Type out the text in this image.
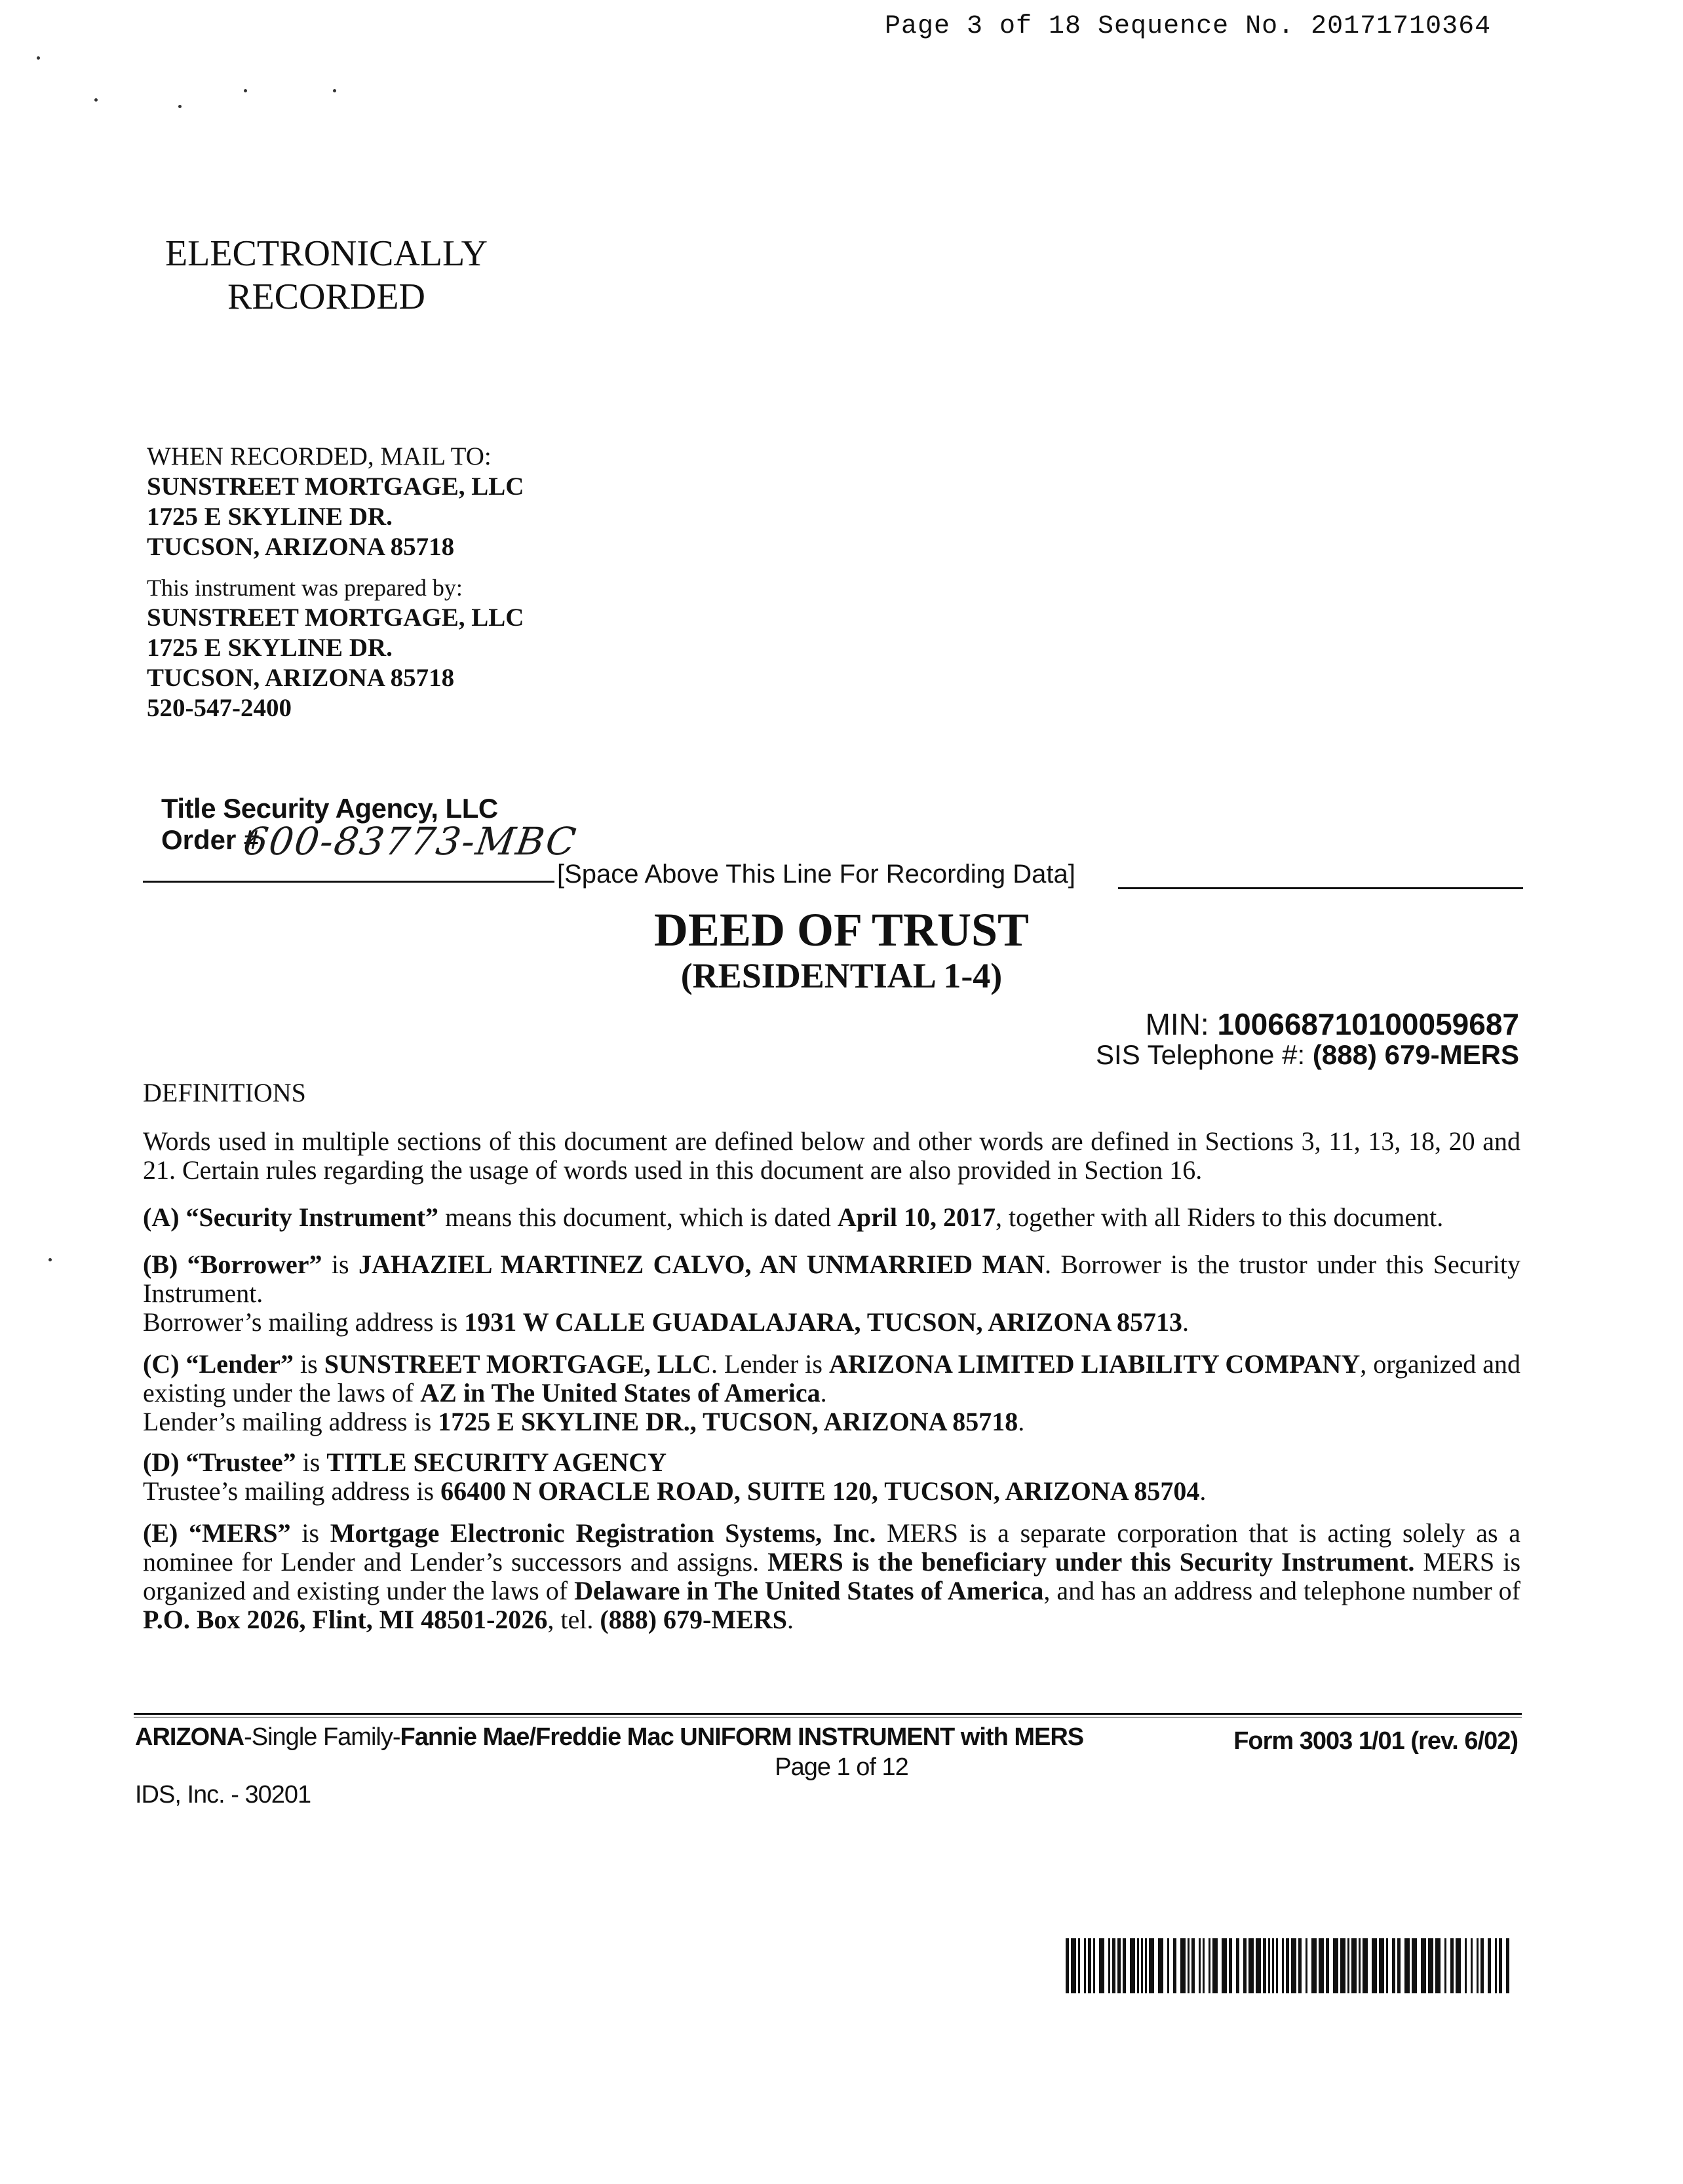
Page 3 of 18 Sequence No. 20171710364
ELECTRONICALLY
RECORDED
WHEN RECORDED, MAIL TO:
SUNSTREET MORTGAGE, LLC
1725 E SKYLINE DR.
TUCSON, ARIZONA 85718
This instrument was prepared by:
SUNSTREET MORTGAGE, LLC
1725 E SKYLINE DR.
TUCSON, ARIZONA 85718
520-547-2400
Title Security Agency, LLC
Order #
600-83773-MBC
[Space Above This Line For Recording Data]
DEED OF TRUST
(RESIDENTIAL 1-4)
MIN: 100668710100059687
SIS Telephone #: (888) 679-MERS
DEFINITIONS
Words used in multiple sections of this document are defined below and other words are defined in Sections 3, 11, 13, 18, 20 and 21. Certain rules regarding the usage of words used in this document are also provided in Section 16.
(A) “Security Instrument” means this document, which is dated April 10, 2017, together with all Riders to this document.
(B) “Borrower” is JAHAZIEL MARTINEZ CALVO, AN UNMARRIED MAN. Borrower is the trustor under this Security Instrument.
Borrower’s mailing address is 1931 W CALLE GUADALAJARA, TUCSON, ARIZONA 85713.
(C) “Lender” is SUNSTREET MORTGAGE, LLC. Lender is ARIZONA LIMITED LIABILITY COMPANY, organized and existing under the laws of AZ in The United States of America.
Lender’s mailing address is 1725 E SKYLINE DR., TUCSON, ARIZONA 85718.
(D) “Trustee” is TITLE SECURITY AGENCY
Trustee’s mailing address is 66400 N ORACLE ROAD, SUITE 120, TUCSON, ARIZONA 85704.
(E) “MERS” is Mortgage Electronic Registration Systems, Inc. MERS is a separate corporation that is acting solely as a nominee for Lender and Lender’s successors and assigns. MERS is the beneficiary under this Security Instrument. MERS is organized and existing under the laws of Delaware in The United States of America, and has an address and telephone number of P.O. Box 2026, Flint, MI 48501-2026, tel. (888) 679-MERS.
ARIZONA-Single Family-Fannie Mae/Freddie Mac UNIFORM INSTRUMENT with MERS	Form 3003 1/01 (rev. 6/02)
Page 1 of 12
IDS, Inc. - 30201
